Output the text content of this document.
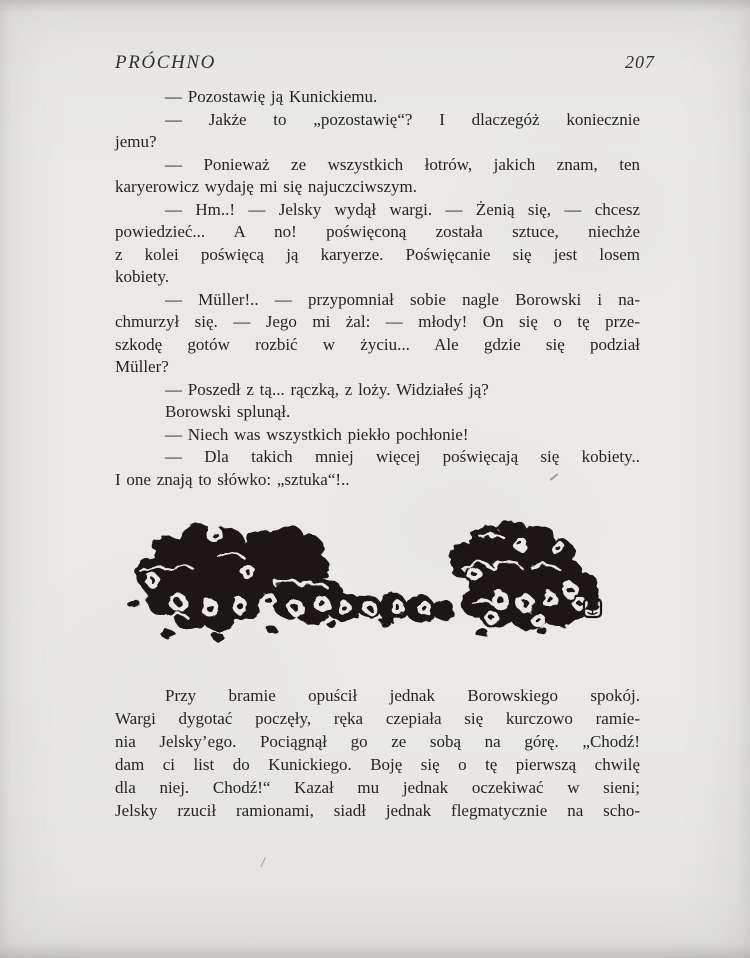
PRÓCHNO	207
— Pozostawię ją Kunickiemu.
— Jakże to „pozostawię“? I dlaczegóż koniecznie
jemu?
— Ponieważ ze wszystkich łotrów, jakich znam, ten
karyerowicz wydaję mi się najuczciwszym.
— Hm..! — Jelsky wydął wargi. — Żenią się, — chcesz
powiedzieć... A no! poświęconą została sztuce, niechże
z kolei poświęcą ją karyerze. Poświęcanie się jest losem
kobiety.
— Müller!.. — przypomniał sobie nagle Borowski i na-
chmurzył się. — Jego mi żal: — młody! On się o tę prze-
szkodę gotów rozbić w życiu... Ale gdzie się podział
Müller?
— Poszedł z tą... rączką, z loży. Widziałeś ją?
Borowski splunął.
— Niech was wszystkich piekło pochłonie!
— Dla takich mniej więcej poświęcają się kobiety..
I one znają to słówko: „sztuka“!..
Przy bramie opuścił jednak Borowskiego spokój.
Wargi dygotać poczęły, ręka czepiała się kurczowo ramie-
nia Jelsky’ego. Pociągnął go ze sobą na górę. „Chodź!
dam ci list do Kunickiego. Boję się o tę pierwszą chwilę
dla niej. Chodź!“ Kazał mu jednak oczekiwać w sieni;
Jelsky rzucił ramionami, siadł jednak flegmatycznie na scho-
/
